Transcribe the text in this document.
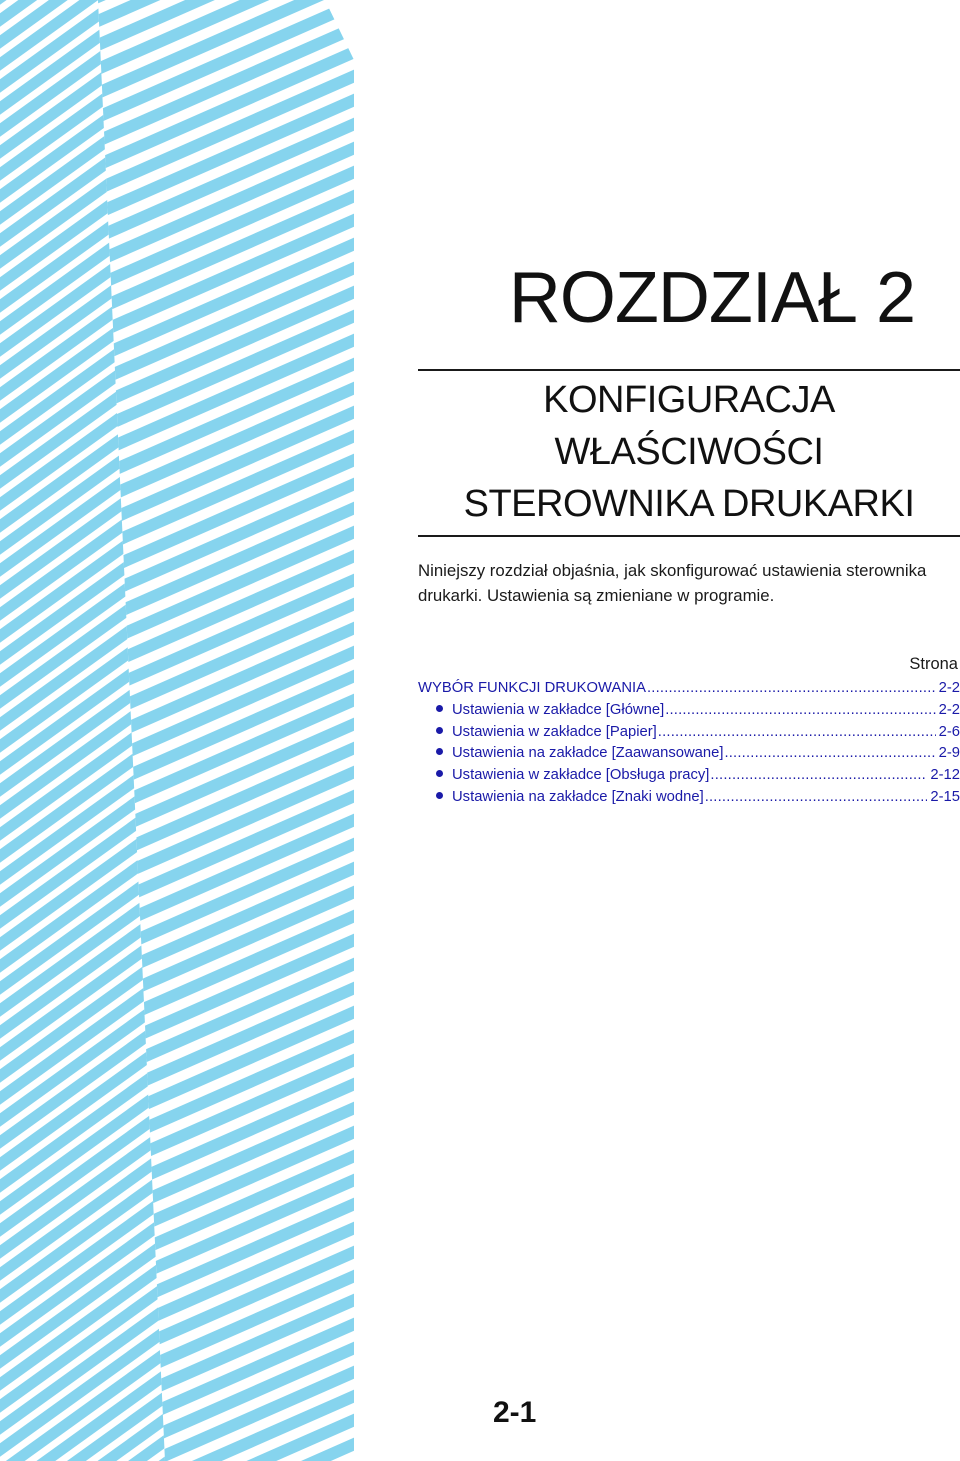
ROZDZIAŁ 2
KONFIGURACJA
WŁAŚCIWOŚCI
STEROWNIKA DRUKARKI

Niniejszy rozdział objaśnia, jak skonfigurować ustawienia sterownika drukarki. Ustawienia są zmieniane w programie.

Strona
WYBÓR FUNKCJI DRUKOWANIA .....	2-2
Ustawienia w zakładce [Główne] .....	2-2
Ustawienia w zakładce [Papier] .....	2-6
Ustawienia na zakładce [Zaawansowane] .....	2-9
Ustawienia w zakładce [Obsługa pracy] .....	2-12
Ustawienia na zakładce [Znaki wodne] .....	2-15
2-1
